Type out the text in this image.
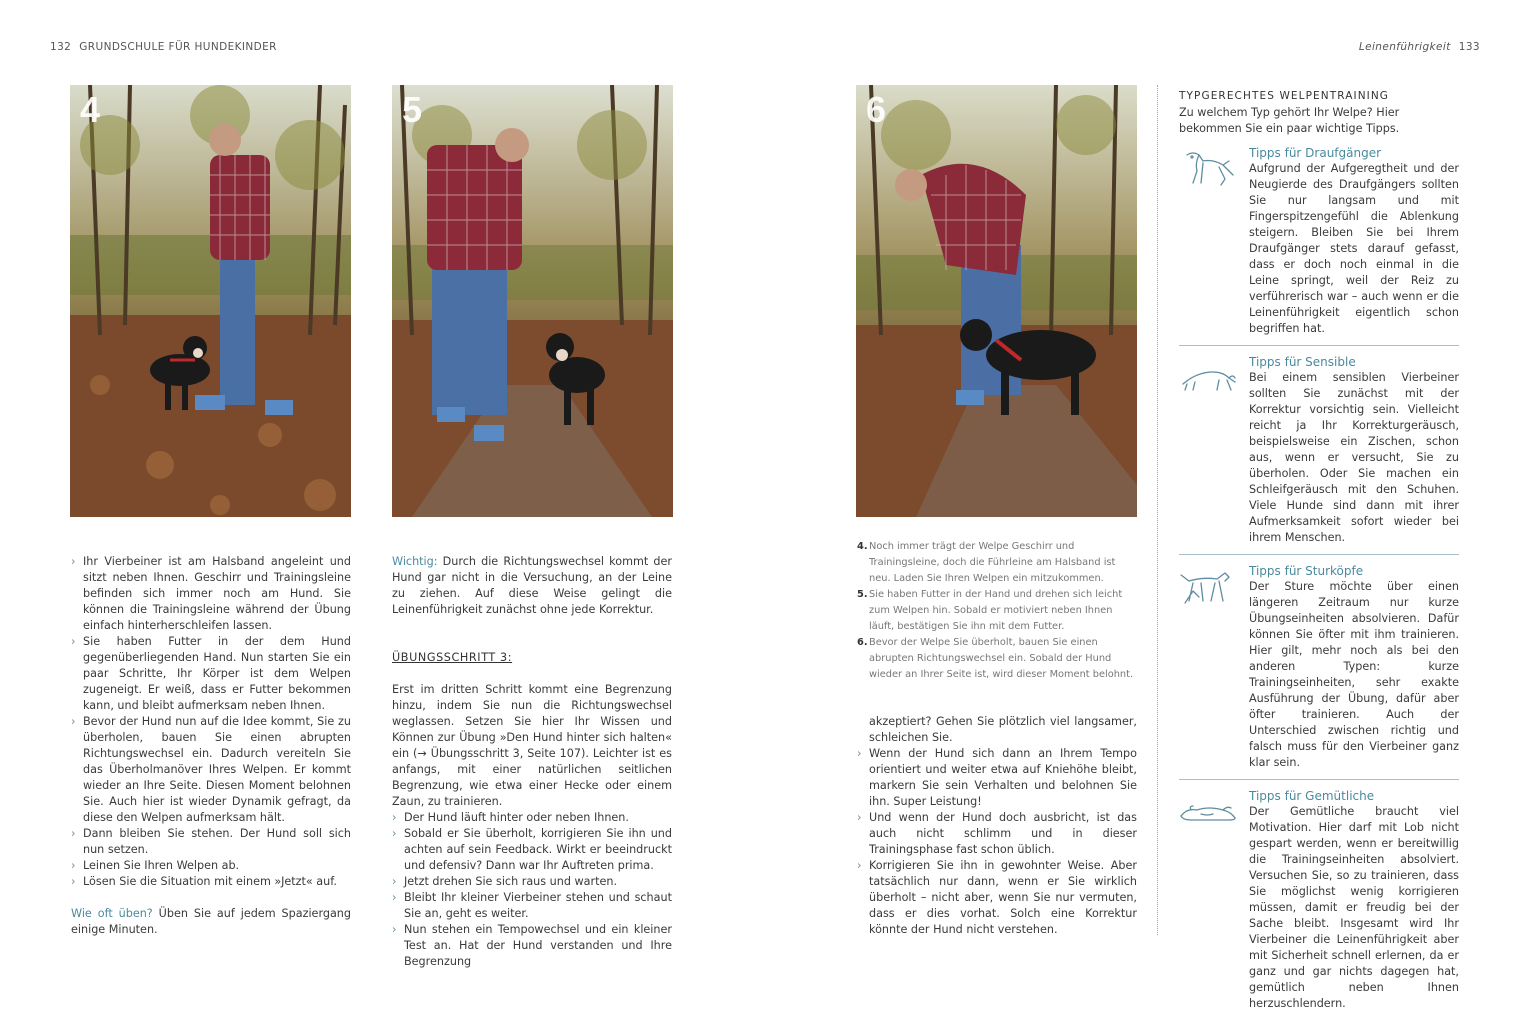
132 GRUNDSCHULE FÜR HUNDEKINDER	Leinenführigkeit 133
4	5	6
› Ihr Vierbeiner ist am Halsband angeleint und sitzt neben Ihnen. Geschirr und Trainingsleine befinden sich immer noch am Hund. Sie können die Trainingsleine während der Übung einfach hinterherschleifen lassen.
› Sie haben Futter in der dem Hund gegenüberliegenden Hand. Nun starten Sie ein paar Schritte, Ihr Körper ist dem Welpen zugeneigt. Er weiß, dass er Futter bekommen kann, und bleibt aufmerksam neben Ihnen.
› Bevor der Hund nun auf die Idee kommt, Sie zu überholen, bauen Sie einen abrupten Richtungswechsel ein. Dadurch vereiteln Sie das Überholmanöver Ihres Welpen. Er kommt wieder an Ihre Seite. Diesen Moment belohnen Sie. Auch hier ist wieder Dynamik gefragt, da diese den Welpen aufmerksam hält.
› Dann bleiben Sie stehen. Der Hund soll sich nun setzen.
› Leinen Sie Ihren Welpen ab.
› Lösen Sie die Situation mit einem »Jetzt« auf.

Wie oft üben? Üben Sie auf jedem Spaziergang einige Minuten.

Wichtig: Durch die Richtungswechsel kommt der Hund gar nicht in die Versuchung, an der Leine zu ziehen. Auf diese Weise gelingt die Leinenführigkeit zunächst ohne jede Korrektur.

ÜBUNGSSCHRITT 3:

Erst im dritten Schritt kommt eine Begrenzung hinzu, indem Sie nun die Richtungswechsel weglassen. Setzen Sie hier Ihr Wissen und Können zur Übung »Den Hund hinter sich halten« ein (→ Übungsschritt 3, Seite 107). Leichter ist es anfangs, mit einer natürlichen seitlichen Begrenzung, wie etwa einer Hecke oder einem Zaun, zu trainieren.

› Der Hund läuft hinter oder neben Ihnen.
› Sobald er Sie überholt, korrigieren Sie ihn und achten auf sein Feedback. Wirkt er beeindruckt und defensiv? Dann war Ihr Auftreten prima.
› Jetzt drehen Sie sich raus und warten.
› Bleibt Ihr kleiner Vierbeiner stehen und schaut Sie an, geht es weiter.
› Nun stehen ein Tempowechsel und ein kleiner Test an. Hat der Hund verstanden und Ihre Begrenzung
4. Noch immer trägt der Welpe Geschirr und Trainingsleine, doch die Führleine am Halsband ist neu. Laden Sie Ihren Welpen ein mitzukommen.
5. Sie haben Futter in der Hand und drehen sich leicht zum Welpen hin. Sobald er motiviert neben Ihnen läuft, bestätigen Sie ihn mit dem Futter.
6. Bevor der Welpe Sie überholt, bauen Sie einen abrupten Richtungswechsel ein. Sobald der Hund wieder an Ihrer Seite ist, wird dieser Moment belohnt.

akzeptiert? Gehen Sie plötzlich viel langsamer, schleichen Sie.

› Wenn der Hund sich dann an Ihrem Tempo orientiert und weiter etwa auf Kniehöhe bleibt, markern Sie sein Verhalten und belohnen Sie ihn. Super Leistung!
› Und wenn der Hund doch ausbricht, ist das auch nicht schlimm und in dieser Trainingsphase fast schon üblich.
› Korrigieren Sie ihn in gewohnter Weise. Aber tatsächlich nur dann, wenn er Sie wirklich überholt – nicht aber, wenn Sie nur vermuten, dass er dies vorhat. Solch eine Korrektur könnte der Hund nicht verstehen.
TYPGERECHTES WELPENTRAINING
Zu welchem Typ gehört Ihr Welpe? Hier bekommen Sie ein paar wichtige Tipps.
Tipps für Draufgänger
Aufgrund der Aufgeregtheit und der Neugierde des Draufgängers sollten Sie nur langsam und mit Fingerspitzengefühl die Ablenkung steigern. Bleiben Sie bei Ihrem Draufgänger stets darauf gefasst, dass er doch noch einmal in die Leine springt, weil der Reiz zu verführerisch war – auch wenn er die Leinenführigkeit eigentlich schon begriffen hat.
Tipps für Sensible
Bei einem sensiblen Vierbeiner sollten Sie zunächst mit der Korrektur vorsichtig sein. Vielleicht reicht ja Ihr Korrekturgeräusch, beispielsweise ein Zischen, schon aus, wenn er versucht, Sie zu überholen. Oder Sie machen ein Schleifgeräusch mit den Schuhen. Viele Hunde sind dann mit ihrer Aufmerksamkeit sofort wieder bei ihrem Menschen.
Tipps für Sturköpfe
Der Sture möchte über einen längeren Zeitraum nur kurze Übungseinheiten absolvieren. Dafür können Sie öfter mit ihm trainieren. Hier gilt, mehr noch als bei den anderen Typen: kurze Trainingseinheiten, sehr exakte Ausführung der Übung, dafür aber öfter trainieren. Auch der Unterschied zwischen richtig und falsch muss für den Vierbeiner ganz klar sein.
Tipps für Gemütliche
Der Gemütliche braucht viel Motivation. Hier darf mit Lob nicht gespart werden, wenn er bereitwillig die Trainingseinheiten absolviert. Versuchen Sie, so zu trainieren, dass Sie möglichst wenig korrigieren müssen, damit er freudig bei der Sache bleibt. Insgesamt wird Ihr Vierbeiner die Leinenführigkeit aber mit Sicherheit schnell erlernen, da er ganz und gar nichts dagegen hat, gemütlich neben Ihnen herzuschlendern.
